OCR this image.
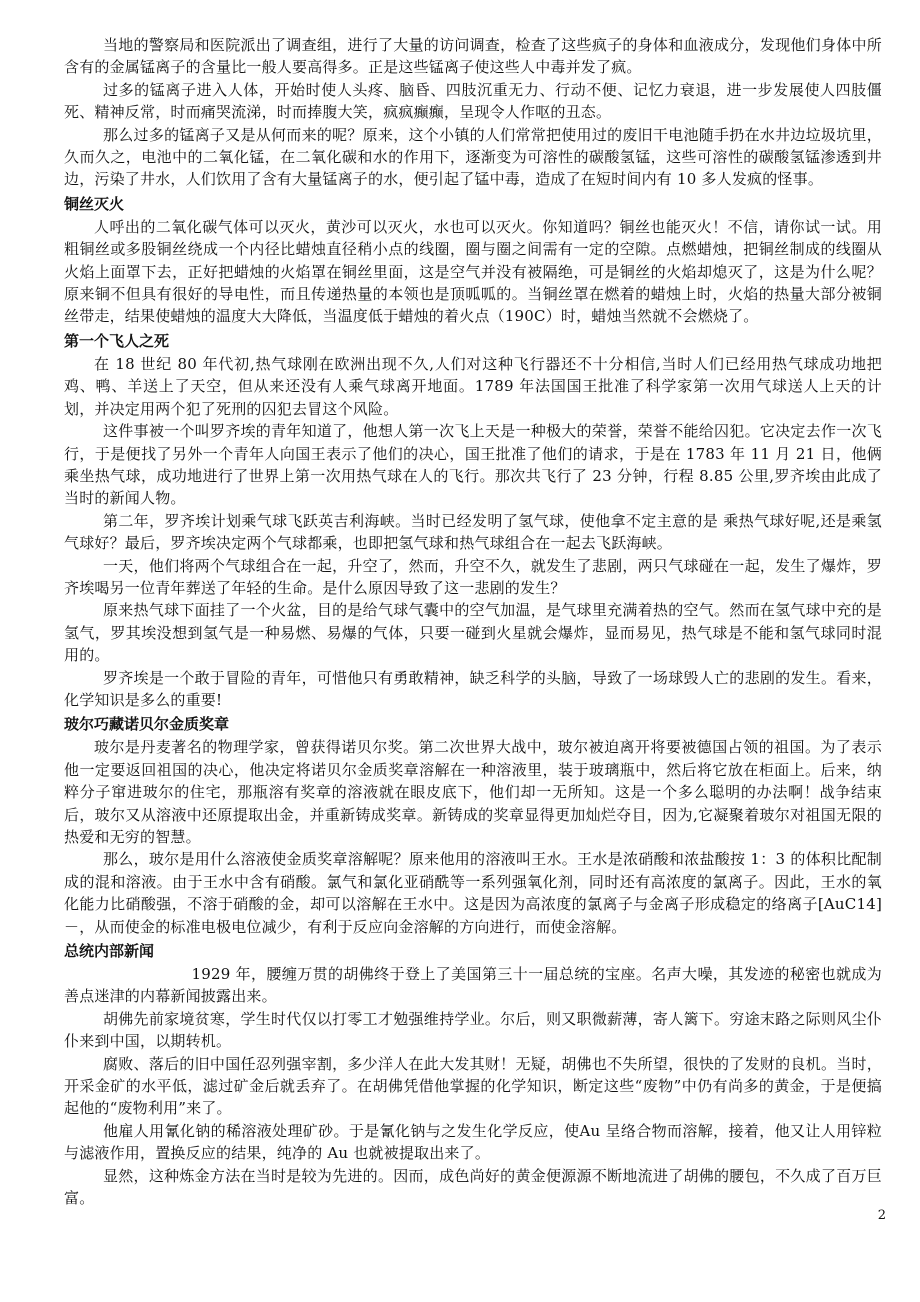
当地的警察局和医院派出了调查组，进行了大量的访问调查，检查了这些疯子的身体和血液成分，发现他们身体中所含有的金属锰离子的含量比一般人要高得多。正是这些锰离子使这些人中毒并发了疯。

过多的锰离子进入人体，开始时使人头疼、脑昏、四肢沉重无力、行动不便、记忆力衰退，进一步发展使人四肢僵死、精神反常，时而痛哭流涕，时而捧腹大笑，疯疯癫癫，呈现令人作呕的丑态。

那么过多的锰离子又是从何而来的呢？原来，这个小镇的人们常常把使用过的废旧干电池随手扔在水井边垃圾坑里，久而久之，电池中的二氧化锰，在二氧化碳和水的作用下，逐渐变为可溶性的碳酸氢锰，这些可溶性的碳酸氢锰渗透到井边，污染了井水，人们饮用了含有大量锰离子的水，便引起了锰中毒，造成了在短时间内有 10 多人发疯的怪事。

铜丝灭火

人呼出的二氧化碳气体可以灭火，黄沙可以灭火，水也可以灭火。你知道吗？铜丝也能灭火！不信，请你试一试。用粗铜丝或多股铜丝绕成一个内径比蜡烛直径稍小点的线圈，圈与圈之间需有一定的空隙。点燃蜡烛，把铜丝制成的线圈从火焰上面罩下去，正好把蜡烛的火焰罩在铜丝里面，这是空气并没有被隔绝，可是铜丝的火焰却熄灭了，这是为什么呢？原来铜不但具有很好的导电性，而且传递热量的本领也是顶呱呱的。当铜丝罩在燃着的蜡烛上时，火焰的热量大部分被铜丝带走，结果使蜡烛的温度大大降低，当温度低于蜡烛的着火点（190C）时，蜡烛当然就不会燃烧了。

第一个飞人之死

在 18 世纪 80 年代初,热气球刚在欧洲出现不久,人们对这种飞行器还不十分相信,当时人们已经用热气球成功地把鸡、鸭、羊送上了天空，但从来还没有人乘气球离开地面。1789 年法国国王批准了科学家第一次用气球送人上天的计划，并决定用两个犯了死刑的囚犯去冒这个风险。

这件事被一个叫罗齐埃的青年知道了，他想人第一次飞上天是一种极大的荣誉，荣誉不能给囚犯。它决定去作一次飞行，于是便找了另外一个青年人向国王表示了他们的决心，国王批准了他们的请求，于是在 1783 年 11 月 21 日，他俩乘坐热气球，成功地进行了世界上第一次用热气球在人的飞行。那次共飞行了 23 分钟，行程 8.85 公里,罗齐埃由此成了当时的新闻人物。

第二年，罗齐埃计划乘气球飞跃英吉利海峡。当时已经发明了氢气球，使他拿不定主意的是 乘热气球好呢,还是乘氢气球好？最后，罗齐埃决定两个气球都乘，也即把氢气球和热气球组合在一起去飞跃海峡。

一天，他们将两个气球组合在一起，升空了，然而，升空不久，就发生了悲剧，两只气球碰在一起，发生了爆炸，罗齐埃喝另一位青年葬送了年轻的生命。是什么原因导致了这一悲剧的发生？

原来热气球下面挂了一个火盆，目的是给气球气囊中的空气加温，是气球里充满着热的空气。然而在氢气球中充的是氢气，罗其埃没想到氢气是一种易燃、易爆的气体，只要一碰到火星就会爆炸，显而易见，热气球是不能和氢气球同时混用的。

罗齐埃是一个敢于冒险的青年，可惜他只有勇敢精神，缺乏科学的头脑，导致了一场球毁人亡的悲剧的发生。看来，化学知识是多么的重要!

玻尔巧藏诺贝尔金质奖章

玻尔是丹麦著名的物理学家，曾获得诺贝尔奖。第二次世界大战中，玻尔被迫离开将要被德国占领的祖国。为了表示他一定要返回祖国的决心，他决定将诺贝尔金质奖章溶解在一种溶液里，装于玻璃瓶中，然后将它放在柜面上。后来，纳粹分子窜进玻尔的住宅，那瓶溶有奖章的溶液就在眼皮底下，他们却一无所知。这是一个多么聪明的办法啊！战争结束后，玻尔又从溶液中还原提取出金，并重新铸成奖章。新铸成的奖章显得更加灿烂夺目，因为,它凝聚着玻尔对祖国无限的热爱和无穷的智慧。

那么，玻尔是用什么溶液使金质奖章溶解呢？原来他用的溶液叫王水。王水是浓硝酸和浓盐酸按 1：3 的体积比配制成的混和溶液。由于王水中含有硝酸。氯气和氯化亚硝酰等一系列强氧化剂，同时还有高浓度的氯离子。因此，王水的氧化能力比硝酸强，不溶于硝酸的金，却可以溶解在王水中。这是因为高浓度的氯离子与金离子形成稳定的络离子[AuC14]－，从而使金的标准电极电位减少，有利于反应向金溶解的方向进行，而使金溶解。

总统内部新闻

1929 年，腰缠万贯的胡佛终于登上了美国第三十一届总统的宝座。名声大噪，其发迹的秘密也就成为善点迷津的内幕新闻披露出来。

胡佛先前家境贫寒，学生时代仅以打零工才勉强维持学业。尔后，则又职微薪薄，寄人篱下。穷途末路之际则风尘仆仆来到中国，以期转机。

腐败、落后的旧中国任忍列强宰割，多少洋人在此大发其财！无疑，胡佛也不失所望，很快的了发财的良机。当时，开采金矿的水平低，滤过矿金后就丢弃了。在胡佛凭借他掌握的化学知识，断定这些“废物”中仍有尚多的黄金，于是便搞起他的“废物利用”来了。

他雇人用氰化钠的稀溶液处理矿砂。于是氰化钠与之发生化学反应，使Au 呈络合物而溶解，接着，他又让人用锌粒与滤液作用，置换反应的结果，纯净的 Au 也就被提取出来了。

显然，这种炼金方法在当时是较为先进的。因而，成色尚好的黄金便源源不断地流进了胡佛的腰包，不久成了百万巨富。

2
